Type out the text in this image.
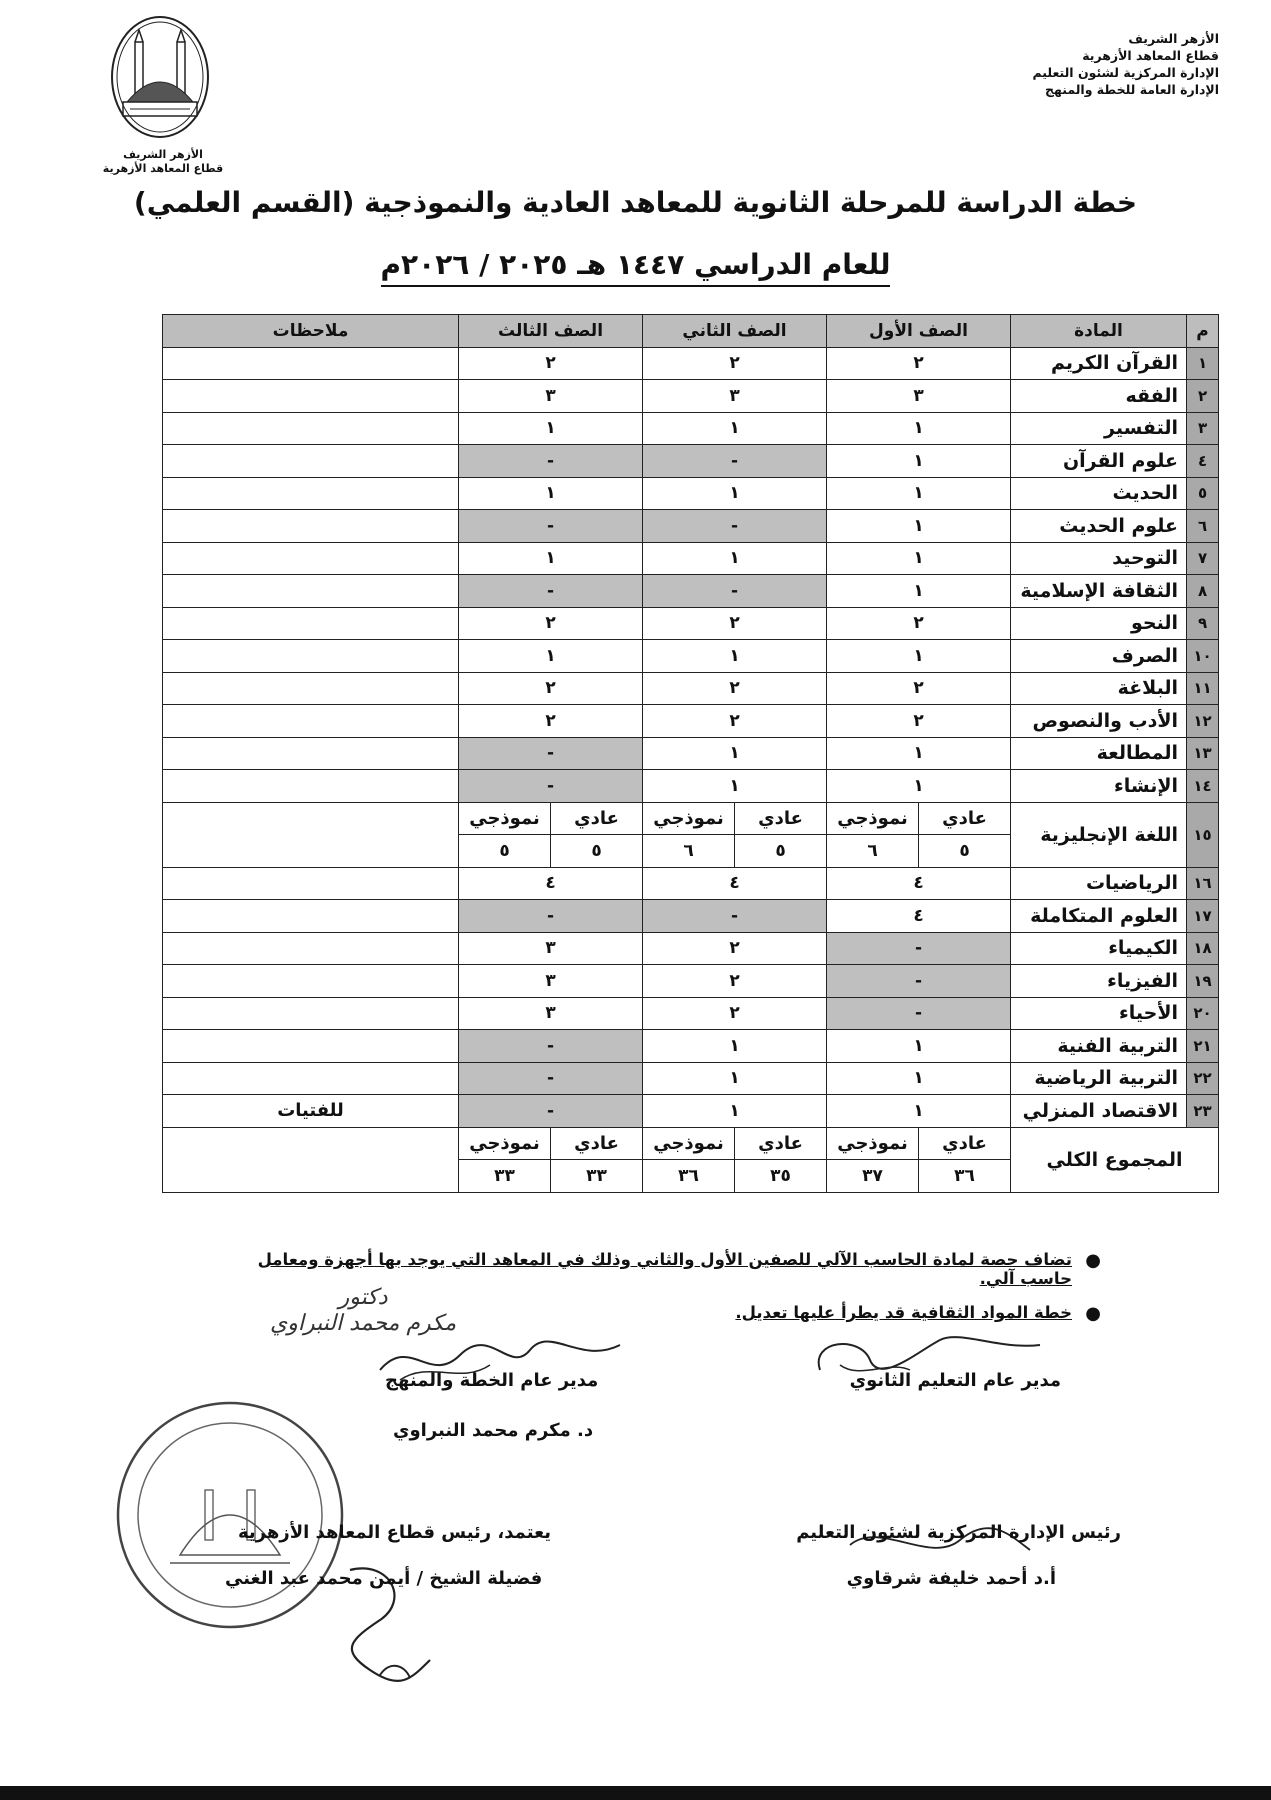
الأزهر الشريف
قطاع المعاهد الأزهرية
الإدارة المركزية لشئون التعليم
الإدارة العامة للخطة والمنهج
الأزهر الشريف
قطاع المعاهد الأزهرية
خطة الدراسة للمرحلة الثانوية للمعاهد العادية والنموذجية (القسم العلمي)
للعام الدراسي ١٤٤٧ هـ ٢٠٢٥ / ٢٠٢٦م
م	المادة	الصف الأول		الصف الثاني		الصف الثالث		ملاحظات
١	القرآن الكريم	٢		٢		٢		
٢	الفقه	٣		٣		٣		
٣	التفسير	١		١		١		
٤	علوم القرآن	١		-		-		
٥	الحديث	١		١		١		
٦	علوم الحديث	١		-		-		
٧	التوحيد	١		١		١		
٨	الثقافة الإسلامية	١		-		-		
٩	النحو	٢		٢		٢		
١٠	الصرف	١		١		١		
١١	البلاغة	٢		٢		٢		
١٢	الأدب والنصوص	٢		٢		٢		
١٣	المطالعة	١		١		-		
١٤	الإنشاء	١		١		-		
١٥	اللغة الإنجليزية	عادي	نموذجي	عادي	نموذجي	عادي	نموذجي	
		٥	٦	٥	٦	٥	٥	
١٦	الرياضيات	٤		٤		٤		
١٧	العلوم المتكاملة	٤		-		-		
١٨	الكيمياء	-		٢		٣		
١٩	الفيزياء	-		٢		٣		
٢٠	الأحياء	-		٢		٣		
٢١	التربية الفنية	١		١		-		
٢٢	التربية الرياضية	١		١		-		
٢٣	الاقتصاد المنزلي	١		١		-		للفتيات
المجموع الكلي		عادي	نموذجي	عادي	نموذجي	عادي	نموذجي	
		٣٦	٣٧	٣٥	٣٦	٣٣	٣٣	
●
تضاف حصة لمادة الحاسب الآلي للصفين الأول والثاني وذلك في المعاهد التي يوجد بها أجهزة ومعامل حاسب آلي.
●
خطة المواد الثقافية قد يطرأ عليها تعديل.
دكتور
مكرم محمد النبراوي
مدير عام التعليم الثانوي
مدير عام الخطة والمنهج
د. مكرم محمد النبراوي
رئيس الإدارة المركزية لشئون التعليم
أ.د أحمد خليفة شرقاوي
يعتمد، رئيس قطاع المعاهد الأزهرية
فضيلة الشيخ / أيمن محمد عبد الغني
